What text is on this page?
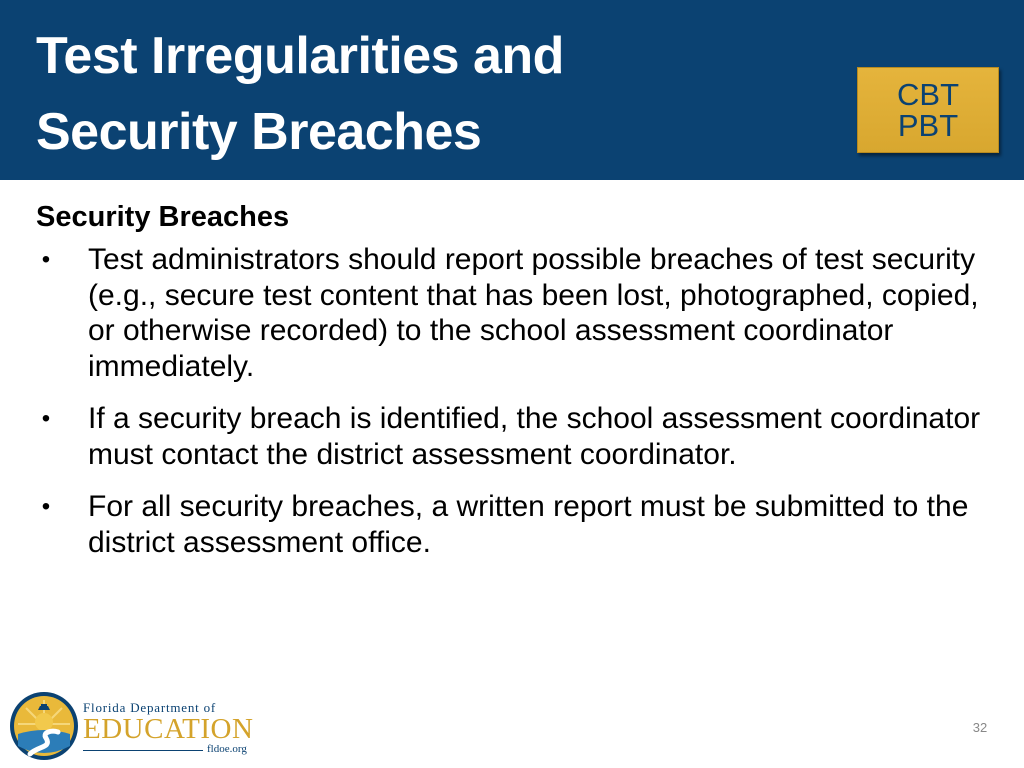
Test Irregularities and
Security Breaches
CBT
PBT

Security Breaches

• Test administrators should report possible breaches of test security (e.g., secure test content that has been lost, photographed, copied, or otherwise recorded) to the school assessment coordinator immediately.
• If a security breach is identified, the school assessment coordinator must contact the district assessment coordinator.
• For all security breaches, a written report must be submitted to the district assessment office.
Florida Department of
EDUCATION
fldoe.org
32
